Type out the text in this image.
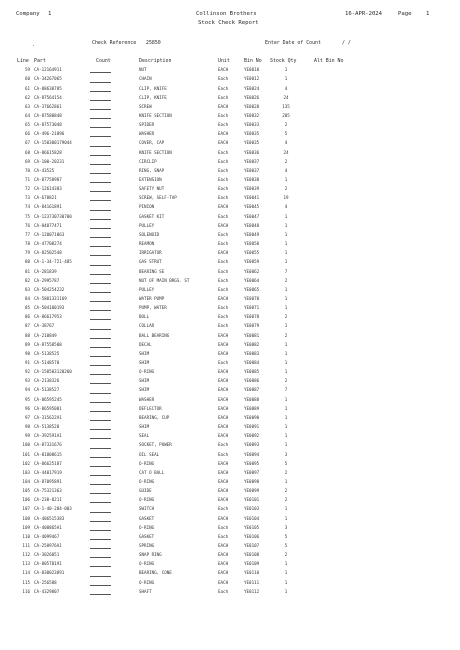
Company 1	Collinson Brothers
Stock Check Report
16-APR-2024	Page	1
.	Check Reference 25850	Enter Date of Count	/ /
Line Part	Count	Description	Unit	Bin No Stock Qty	Alt Bin No
59 CA-12164911	NUT	EACH	YE0010	1
60 CA-34267065	CHAIN	Each	YE0012	1
61 CA-88630785	CLIP, KNIFE	Each	YE0024	4
62 CA-87564154	CLIP, KNIFE	Each	YE0026	24
63 CA-37662861	SCREW	EACH	YE0028	135
64 CA-87580848	KNIFE SECTION	Each	YE0032	205
65 CA-87573048	SPIDER	Each	YE0033	2
66 CA-496-21096	WASHER	EACH	YE0035	5
67 CA-150300179044	COVER, CAP	EACH	YE0035	4
68 CA-86615828	KNIFE SECTION	Each	YE0036	24
69 CA-100-20231	CIRCLIP	Each	YE0037	2
70 CA-43525	RING, SNAP	Each	YE0037	4
71 CA-87758987	EXTENSION	Each	YE0038	1
72 CA-12614383	SAFETY NUT	Each	YE0039	2
73 CA-678821	SCREW, SELF-TAP	Each	YE0041	19
74 CA-84161891	PINION	EACH	YE0045	4
75 CA-123730730700	GASKET KIT	Each	YE0047	1
76 CA-84077471	PULLEY	EACH	YE0048	1
77 CA-120071863	SOLENOID	Each	YE0049	1
78 CA-47708274	REAMON	Each	YE0050	1
79 CA-82502548	IRRIGATOR	EACH	YE0055	1
80 CA-1-34-721-485	GAS STRUT	Each	YE0059	1
81 CA-281839	BEARING SE	Each	YE0062	7
82 CA-2995787	NUT OF MAIN BRGS. ST	Each	YE0064	2
83 CA-504254232	PULLEY	Each	YE0065	1
84 CA-5801331169	WATER PUMP	EACH	YE0070	1
85 CA-504100193	PUMP, WATER	Each	YE0071	1
86 CA-86617953	BOLL	Each	YE0078	2
87 CA-38767	COLLAR	Each	YE0079	1
88 CA-210849	BALL BEARING	EACH	YE0081	2
89 CA-87558508	DECAL	EACH	YE0082	1
90 CA-5138525	SHIM	EACH	YE0083	1
91 CA-5148570	SHIM	Each	YE0084	1
92 CA-150503120260	O-RING	EACH	YE0085	1
93 CA-2138326	SHIM	EACH	YE0086	2
94 CA-5138527	SHIM	EACH	YE0087	7
95 CA-86595245	WASHER	EACH	YE0088	1
96 CA-86595001	DEFLECTOR	EACH	YE0089	1
97 CA-315622A1	BEARING, CUP	EACH	YE0090	1
98 CA-5138528	SHIM	EACH	YE0091	1
99 CA-392591A1	SEAL	EACH	YE0092	1
100 CA-87331676	SOCKET, POWER	Each	YE0093	1
101 CA-81808615	OIL SEAL	Each	YE0094	3
102 CA-86625187	O-RING	EACH	YE0095	5
103 CA-44017919	CAT O BALL	EACH	YE0097	2
104 CA-87095891	O-RING	EACH	YE0098	1
105 CA-75321363	GUIDE	EACH	YE0099	2
106 CA-238-8211	O-RING	EACH	YE0101	2
107 CA-1-40-284-003	SWITCH	Each	YE0103	1
108 CA-406515383	GASKET	EACH	YE0104	1
109 CA-408865A1	O-RING	Each	YE0105	3
110 CA-4099467	GASKET	Each	YE0106	5
111 CA-258976A1	SPRING	EACH	YE0107	5
112 CA-3026051	SNAP RING	EACH	YE0108	2
113 CA-80578191	O-RING	EACH	YE0109	1
114 CA-830023891	BEARING, CONE	EACH	YE0110	1
115 CA-256588	O-RING	EACH	YE0111	1
116 CA-4329807	SHAFT	Each	YE0112	1
